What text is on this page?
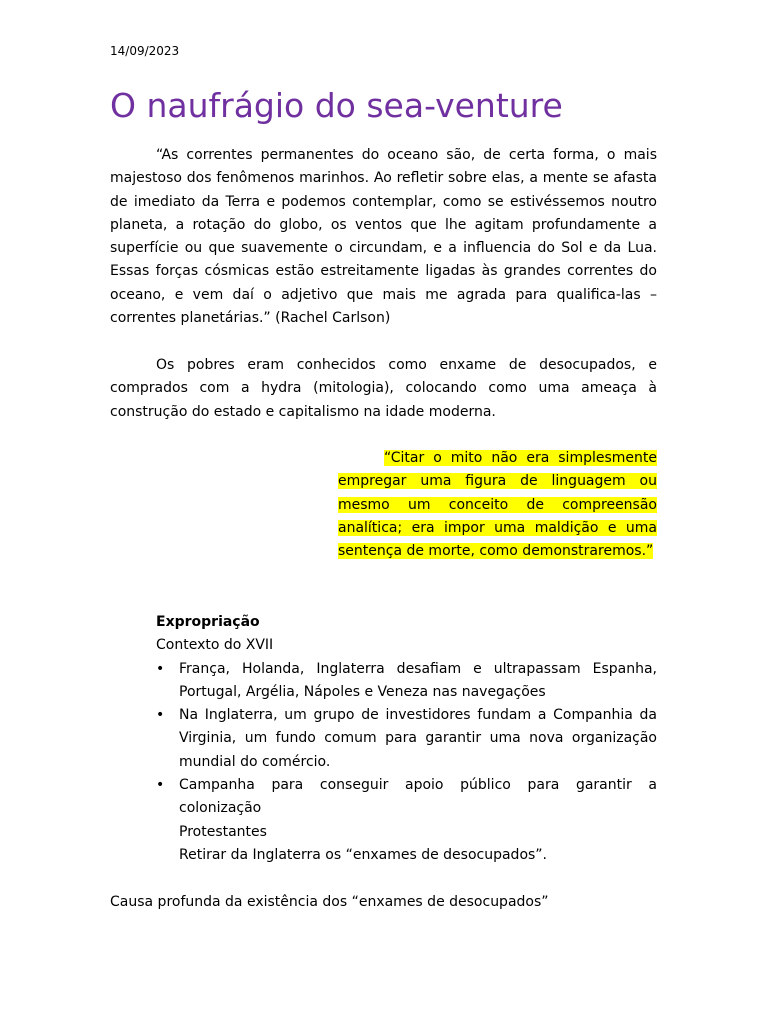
14/09/2023
O naufrágio do sea-venture

“As correntes permanentes do oceano são, de certa forma, o mais majestoso dos fenômenos marinhos. Ao refletir sobre elas, a mente se afasta de imediato da Terra e podemos contemplar, como se estivéssemos noutro planeta, a rotação do globo, os ventos que lhe agitam profundamente a superfície ou que suavemente o circundam, e a influencia do Sol e da Lua. Essas forças cósmicas estão estreitamente ligadas às grandes correntes do oceano, e vem daí o adjetivo que mais me agrada para qualifica-las – correntes planetárias.” (Rachel Carlson)

Os pobres eram conhecidos como enxame de desocupados, e comprados com a hydra (mitologia), colocando como uma ameaça à construção do estado e capitalismo na idade moderna.

“Citar o mito não era simplesmente empregar uma figura de linguagem ou mesmo um conceito de compreensão analítica; era impor uma maldição e uma sentença de morte, como demonstraremos.”

Expropriação
Contexto do XVII
• França, Holanda, Inglaterra desafiam e ultrapassam Espanha, Portugal, Argélia, Nápoles e Veneza nas navegações
• Na Inglaterra, um grupo de investidores fundam a Companhia da Virginia, um fundo comum para garantir uma nova organização mundial do comércio.
• Campanha para conseguir apoio público para garantir a colonização
Protestantes
Retirar da Inglaterra os “enxames de desocupados”.
Causa profunda da existência dos “enxames de desocupados”
